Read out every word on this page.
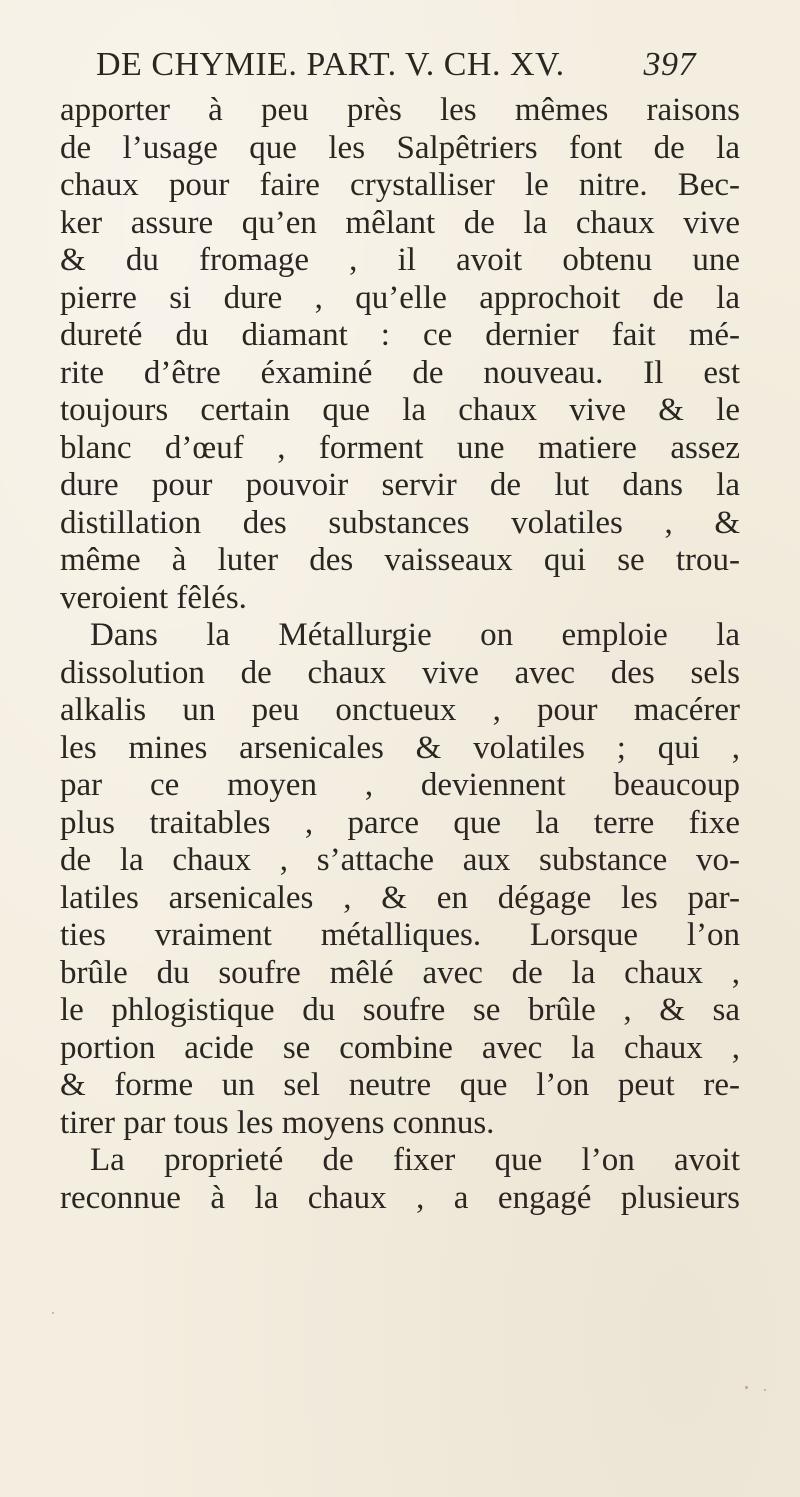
DE CHYMIE. PART. V. CH. XV. 397
apporter à peu près les mêmes raisons
de l’usage que les Salpêtriers font de la
chaux pour faire crystalliser le nitre. Bec-
ker assure qu’en mêlant de la chaux vive
& du fromage , il avoit obtenu une
pierre si dure , qu’elle approchoit de la
dureté du diamant : ce dernier fait mé-
rite d’être éxaminé de nouveau. Il est
toujours certain que la chaux vive & le
blanc d’œuf , forment une matiere assez
dure pour pouvoir servir de lut dans la
distillation des substances volatiles , &
même à luter des vaisseaux qui se trou-
veroient fêlés.
Dans la Métallurgie on emploie la
dissolution de chaux vive avec des sels
alkalis un peu onctueux , pour macérer
les mines arsenicales & volatiles ; qui ,
par ce moyen , deviennent beaucoup
plus traitables , parce que la terre fixe
de la chaux , s’attache aux substance vo-
latiles arsenicales , & en dégage les par-
ties vraiment métalliques. Lorsque l’on
brûle du soufre mêlé avec de la chaux ,
le phlogistique du soufre se brûle , & sa
portion acide se combine avec la chaux ,
& forme un sel neutre que l’on peut re-
tirer par tous les moyens connus.
La proprieté de fixer que l’on avoit
reconnue à la chaux , a engagé plusieurs
